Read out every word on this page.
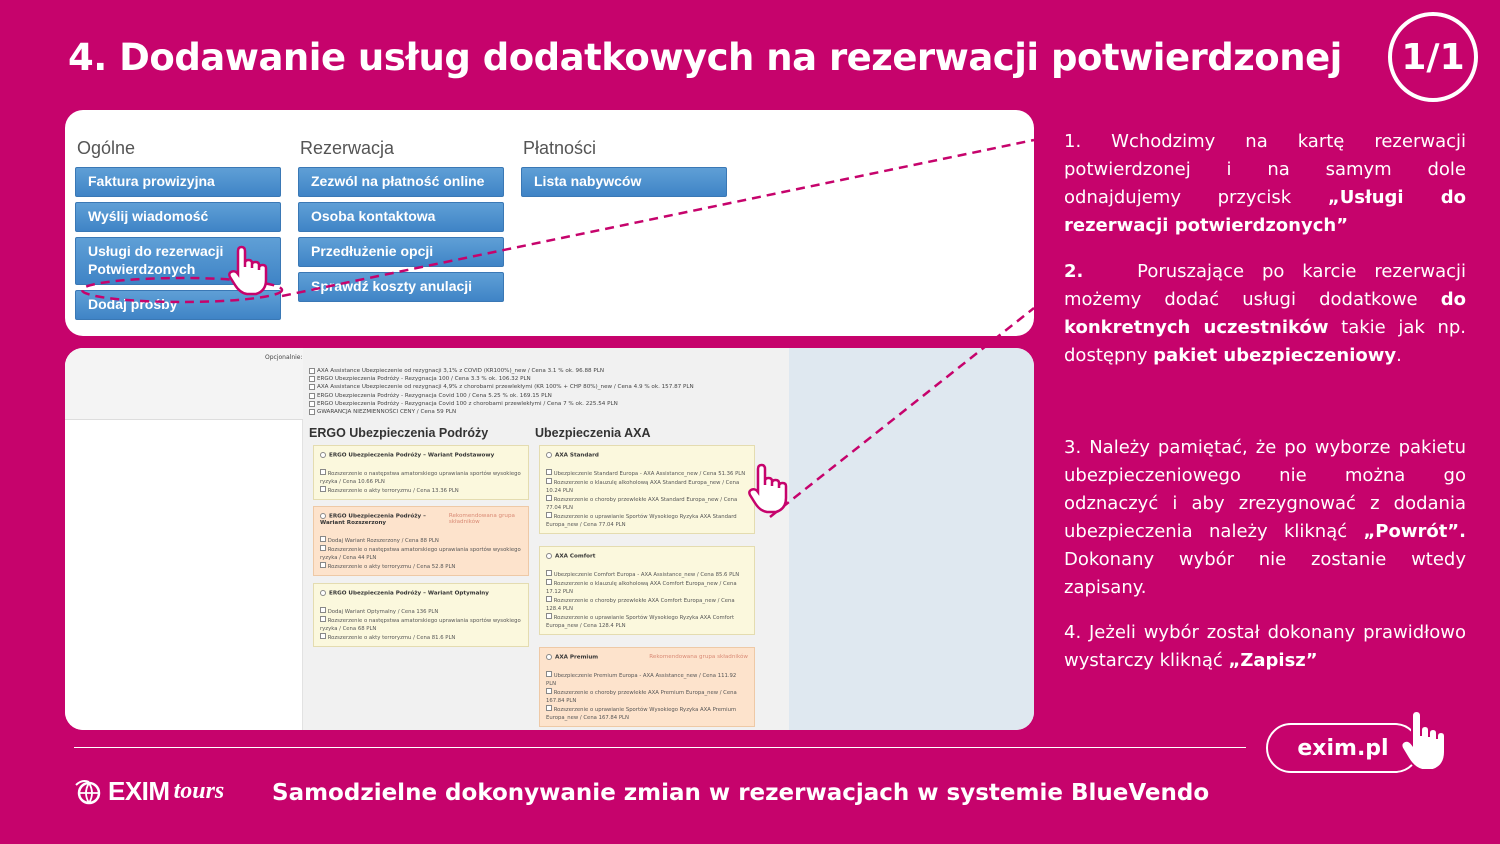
4. Dodawanie usług dodatkowych na rezerwacji potwierdzonej	1/1
Ogólne
Faktura prowizyjna
Wyślij wiadomość
Usługi do rezerwacji Potwierdzonych
Dodaj prośby
Rezerwacja
Zezwól na płatność online
Osoba kontaktowa
Przedłużenie opcji
Sprawdź koszty anulacji
Płatności
Lista nabywców
Opcjonalnie:
AXA Assistance Ubezpieczenie od rezygnacji 3,1% z COVID (KR100%)_new / Cena 3.1 % ok. 96.88 PLN
ERGO Ubezpieczenia Podróży - Rezygnacja 100 / Cena 3.3 % ok. 106.32 PLN
AXA Assistance Ubezpieczenie od rezygnacji 4,9% z chorobami przewlekłymi (KR 100% + CHP 80%)_new / Cena 4.9 % ok. 157.87 PLN
ERGO Ubezpieczenia Podróży - Rezygnacja Covid 100 / Cena 5.25 % ok. 169.15 PLN
ERGO Ubezpieczenia Podróży - Rezygnacja Covid 100 z chorobami przewlekłymi / Cena 7 % ok. 225.54 PLN
GWARANCJA NIEZMIENNOŚCI CENY / Cena 59 PLN
ERGO Ubezpieczenia Podróży	Ubezpieczenia AXA
ERGO Ubezpieczenia Podróży – Wariant Podstawowy
Rozszerzenie o następstwa amatorskiego uprawiania sportów wysokiego ryzyka / Cena 10.66 PLN
Rozszerzenie o akty terroryzmu / Cena 13.36 PLN
ERGO Ubezpieczenia Podróży – Wariant Rozszerzony
Rekomendowana grupa składników
Dodaj Wariant Rozszerzony / Cena 88 PLN
Rozszerzenie o następstwa amatorskiego uprawiania sportów wysokiego ryzyka / Cena 44 PLN
Rozszerzenie o akty terroryzmu / Cena 52.8 PLN
ERGO Ubezpieczenia Podróży – Wariant Optymalny
Dodaj Wariant Optymalny / Cena 136 PLN
Rozszerzenie o następstwa amatorskiego uprawiania sportów wysokiego ryzyka / Cena 68 PLN
Rozszerzenie o akty terroryzmu / Cena 81.6 PLN
AXA Standard
Ubezpieczenie Standard Europa - AXA Assistance_new / Cena 51.36 PLN
Rozszerzenie o klauzulę alkoholową AXA Standard Europa_new / Cena 10.24 PLN
Rozszerzenie o choroby przewlekłe AXA Standard Europa_new / Cena 77.04 PLN
Rozszerzenie o uprawianie Sportów Wysokiego Ryzyka AXA Standard Europa_new / Cena 77.04 PLN
AXA Comfort
Ubezpieczenie Comfort Europa - AXA Assistance_new / Cena 85.6 PLN
Rozszerzenie o klauzulę alkoholową AXA Comfort Europa_new / Cena 17.12 PLN
Rozszerzenie o choroby przewlekłe AXA Comfort Europa_new / Cena 128.4 PLN
Rozszerzenie o uprawianie Sportów Wysokiego Ryzyka AXA Comfort Europa_new / Cena 128.4 PLN
AXA Premium	Rekomendowana grupa składników
Ubezpieczenie Premium Europa - AXA Assistance_new / Cena 111.92 PLN
Rozszerzenie o choroby przewlekłe AXA Premium Europa_new / Cena 167.84 PLN
Rozszerzenie o uprawianie Sportów Wysokiego Ryzyka AXA Premium Europa_new / Cena 167.84 PLN

1. Wchodzimy na kartę rezerwacji potwierdzonej i na samym dole odnajdujemy przycisk „Usługi do rezerwacji potwierdzonych”

2.	Poruszające po karcie rezerwacji możemy dodać usługi dodatkowe do konkretnych uczestników takie jak np. dostępny pakiet ubezpieczeniowy.

3. Należy pamiętać, że po wyborze pakietu ubezpieczeniowego nie można go odznaczyć i aby zrezygnować z dodania ubezpieczenia należy kliknąć „Powrót”. Dokonany wybór nie zostanie wtedy zapisany.

4. Jeżeli wybór został dokonany prawidłowo wystarczy kliknąć „Zapisz”

exim.pl
EXIM tours Samodzielne dokonywanie zmian w rezerwacjach w systemie BlueVendo
